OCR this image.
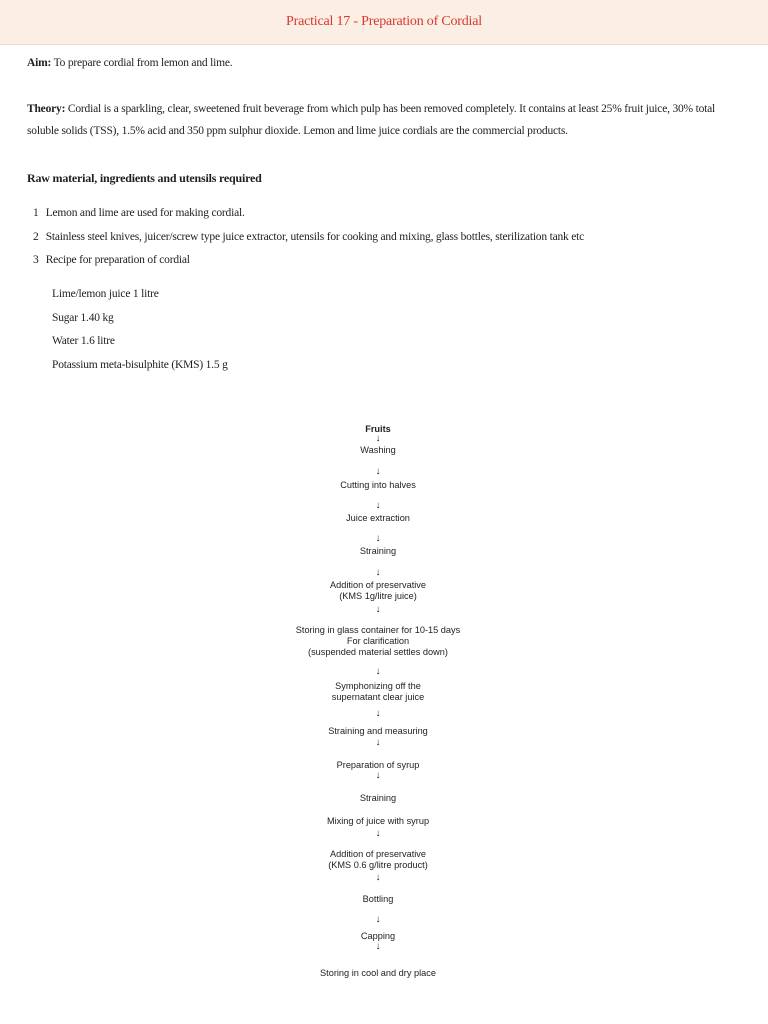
Practical 17 - Preparation of Cordial
Aim: To prepare cordial from lemon and lime.
Theory: Cordial is a sparkling, clear, sweetened fruit beverage from which pulp has been removed completely. It contains at least 25% fruit juice, 30% total soluble solids (TSS), 1.5% acid and 350 ppm sulphur dioxide. Lemon and lime juice cordials are the commercial products.
Raw material, ingredients and utensils required
1 Lemon and lime are used for making cordial.
2 Stainless steel knives, juicer/screw type juice extractor, utensils for cooking and mixing, glass bottles, sterilization tank etc
3 Recipe for preparation of cordial
Lime/lemon juice 1 litre
Sugar 1.40 kg
Water 1.6 litre
Potassium meta-bisulphite (KMS) 1.5 g
Fruits
↓
Washing
↓
Cutting into halves
↓
Juice extraction
↓
Straining
↓
Addition of preservative
(KMS 1g/litre juice)
↓
Storing in glass container for 10-15 days
For clarification
(suspended material settles down)
↓
Symphonizing off the
supernatant clear juice
↓
Straining and measuring
↓
Preparation of syrup
↓
Straining
Mixing of juice with syrup
↓
Addition of preservative
(KMS 0.6 g/litre product)
↓
Bottling
↓
Capping
↓
Storing in cool and dry place
